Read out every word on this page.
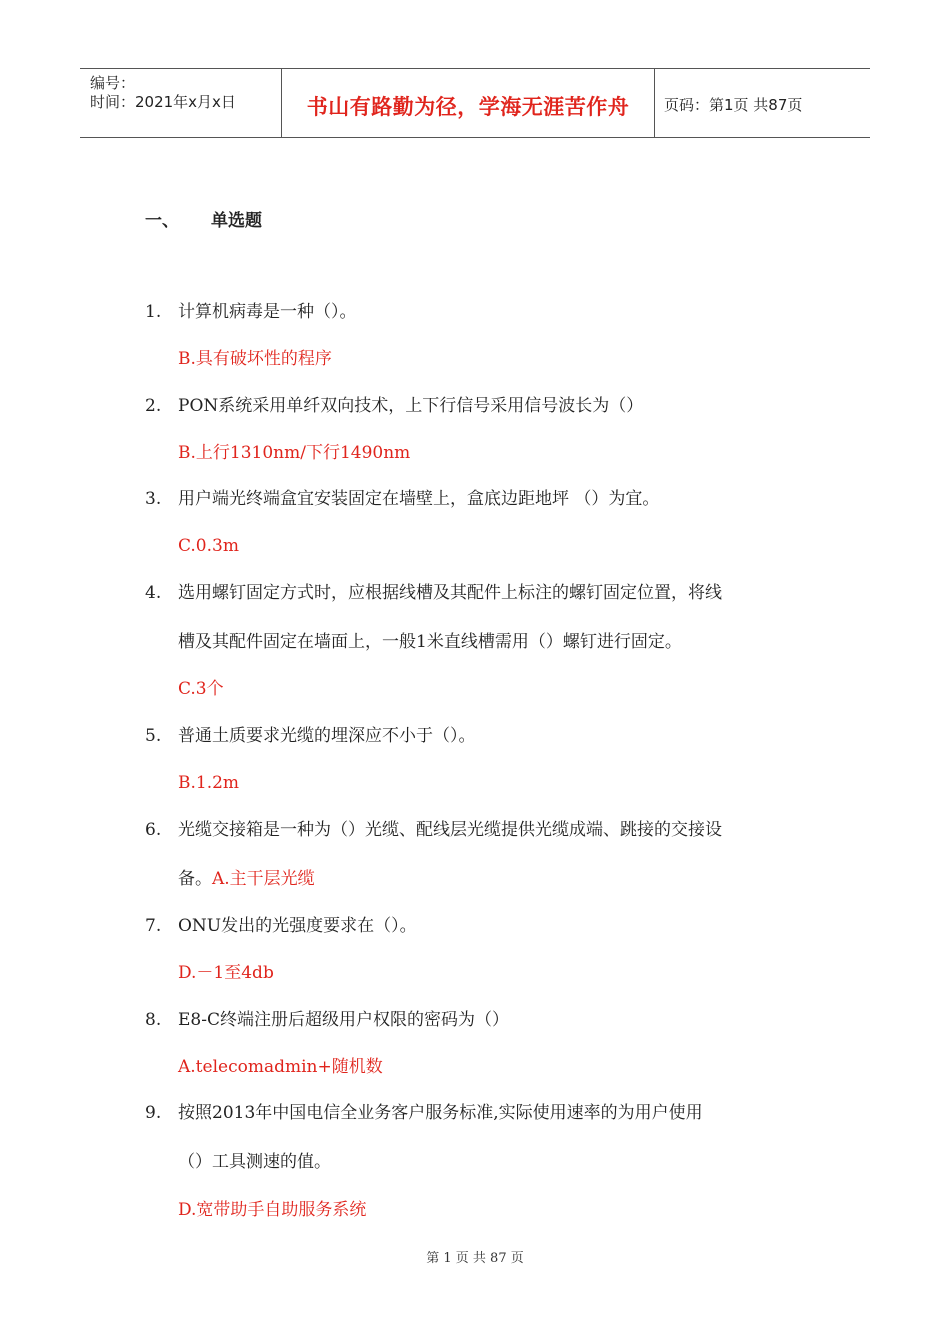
编号：
时间：2021年x月x日	书山有路勤为径，学海无涯苦作舟	页码：第1页 共87页
一、 单选题
1. 计算机病毒是一种（）。
B.具有破坏性的程序
2. PON系统采用单纤双向技术，上下行信号采用信号波长为（）
B.上行1310nm/下行1490nm
3. 用户端光终端盒宜安装固定在墙壁上，盒底边距地坪 （）为宜。
C.0.3m
4. 选用螺钉固定方式时，应根据线槽及其配件上标注的螺钉固定位置，将线
槽及其配件固定在墙面上，一般1米直线槽需用（）螺钉进行固定。
C.3个
5. 普通土质要求光缆的埋深应不小于（）。
B.1.2m
6. 光缆交接箱是一种为（）光缆、配线层光缆提供光缆成端、跳接的交接设
备。A.主干层光缆
7. ONU发出的光强度要求在（）。
D.－1至4db
8. E8-C终端注册后超级用户权限的密码为（）
A.telecomadmin+随机数
9. 按照2013年中国电信全业务客户服务标准,实际使用速率的为用户使用
（）工具测速的值。
D.宽带助手自助服务系统
第 1 页 共 87 页
